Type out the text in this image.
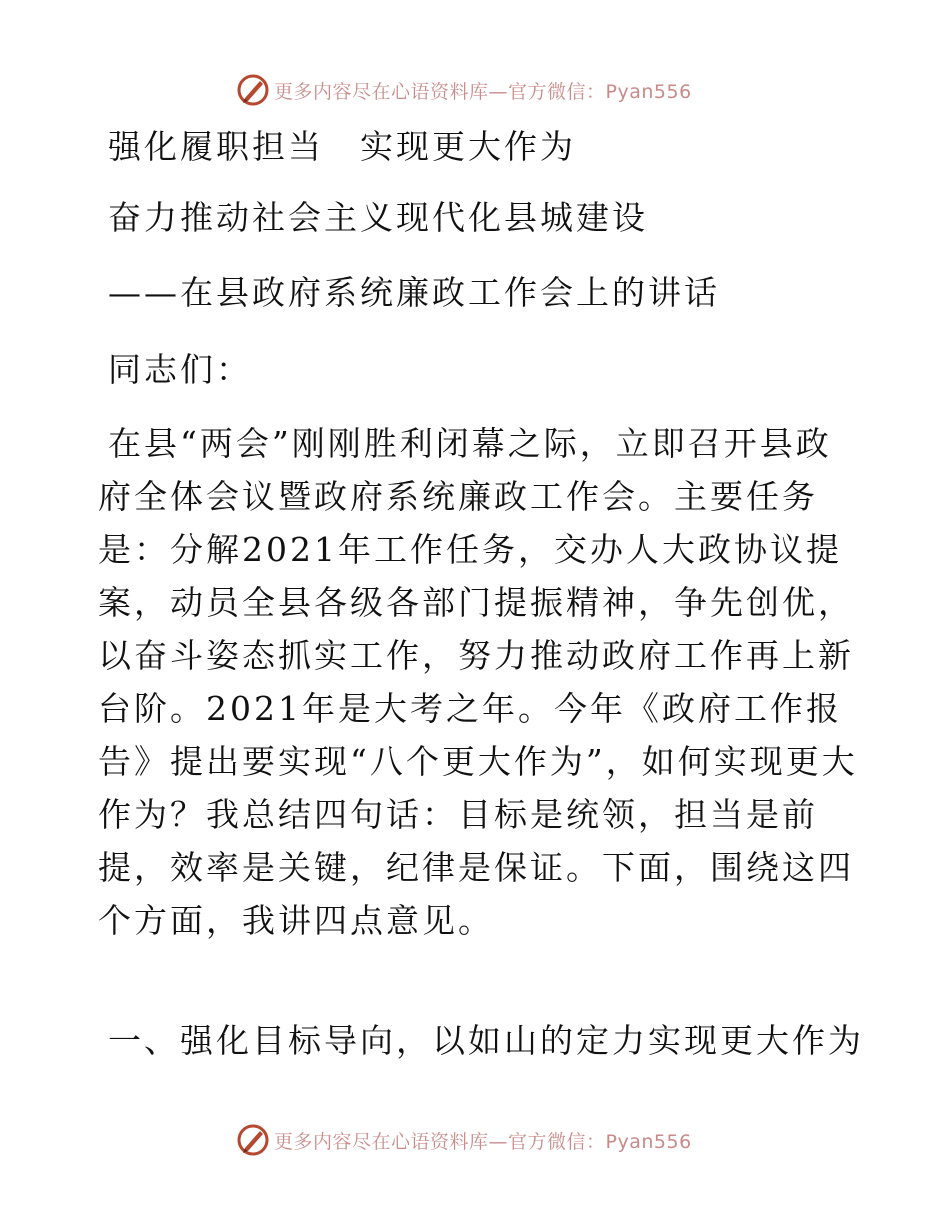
更多内容尽在心语资料库—官方微信：Pyan556
强化履职担当　实现更大作为
奋力推动社会主义现代化县城建设
——在县政府系统廉政工作会上的讲话
同志们：
在县“两会”刚刚胜利闭幕之际，立即召开县政府全体会议暨政府系统廉政工作会。主要任务是：分解2021年工作任务，交办人大政协议提案，动员全县各级各部门提振精神，争先创优，以奋斗姿态抓实工作，努力推动政府工作再上新台阶。2021年是大考之年。今年《政府工作报告》提出要实现“八个更大作为”，如何实现更大作为？我总结四句话：目标是统领，担当是前提，效率是关键，纪律是保证。下面，围绕这四个方面，我讲四点意见。
一、强化目标导向，以如山的定力实现更大作为
更多内容尽在心语资料库—官方微信：Pyan556
